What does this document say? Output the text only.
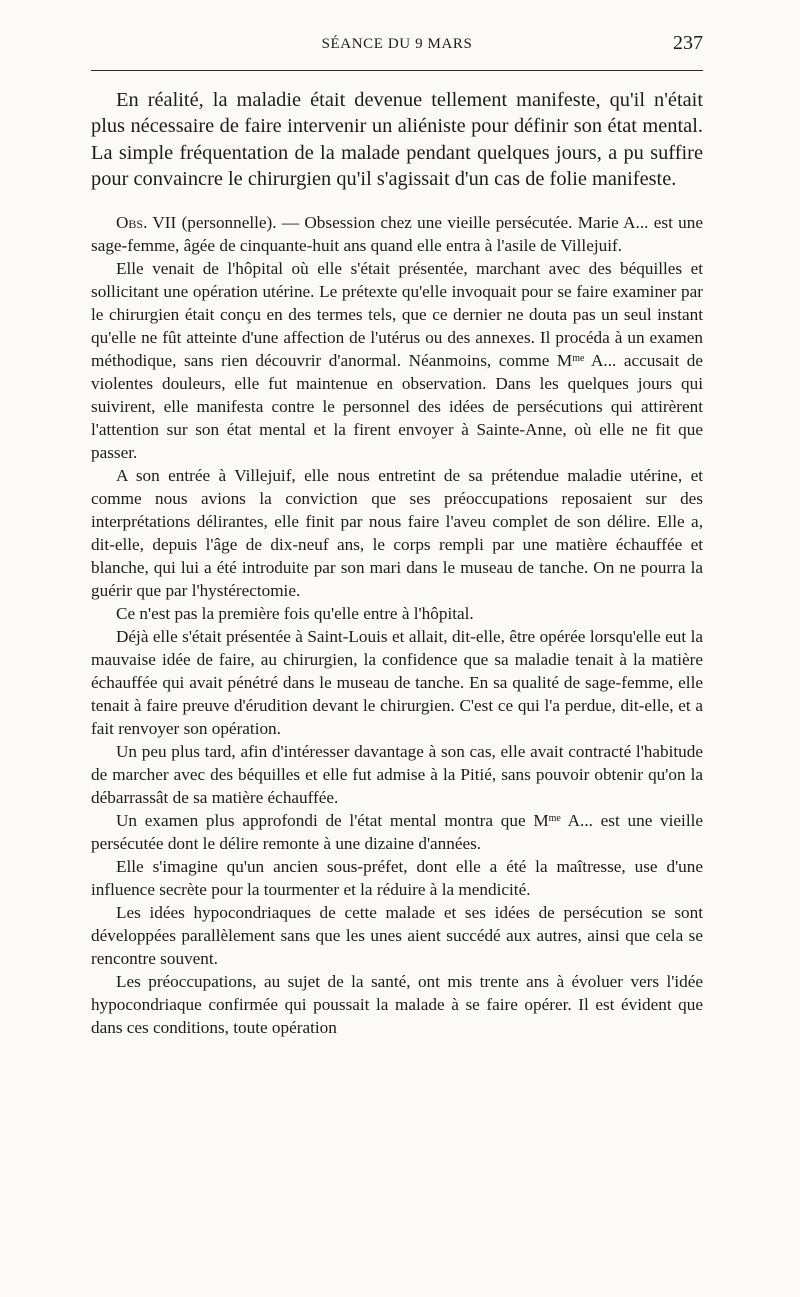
SÉANCE DU 9 MARS	237

En réalité, la maladie était devenue tellement manifeste, qu'il n'était plus nécessaire de faire intervenir un aliéniste pour définir son état mental. La simple fréquentation de la malade pendant quelques jours, a pu suffire pour convaincre le chirurgien qu'il s'agissait d'un cas de folie manifeste.

Obs. VII (personnelle). — Obsession chez une vieille persécutée. Marie A... est une sage-femme, âgée de cinquante-huit ans quand elle entra à l'asile de Villejuif.

Elle venait de l'hôpital où elle s'était présentée, marchant avec des béquilles et sollicitant une opération utérine. Le prétexte qu'elle invoquait pour se faire examiner par le chirurgien était conçu en des termes tels, que ce dernier ne douta pas un seul instant qu'elle ne fût atteinte d'une affection de l'utérus ou des annexes. Il procéda à un examen méthodique, sans rien découvrir d'anormal. Néanmoins, comme $M^{me}$ A... accusait de violentes douleurs, elle fut maintenue en observation. Dans les quelques jours qui suivirent, elle manifesta contre le personnel des idées de persécutions qui attirèrent l'attention sur son état mental et la firent envoyer à Sainte-Anne, où elle ne fit que passer.

A son entrée à Villejuif, elle nous entretint de sa prétendue maladie utérine, et comme nous avions la conviction que ses préoccupations reposaient sur des interprétations délirantes, elle finit par nous faire l'aveu complet de son délire. Elle a, dit-elle, depuis l'âge de dix-neuf ans, le corps rempli par une matière échauffée et blanche, qui lui a été introduite par son mari dans le museau de tanche. On ne pourra la guérir que par l'hystérectomie.

Ce n'est pas la première fois qu'elle entre à l'hôpital.

Déjà elle s'était présentée à Saint-Louis et allait, dit-elle, être opérée lorsqu'elle eut la mauvaise idée de faire, au chirurgien, la confidence que sa maladie tenait à la matière échauffée qui avait pénétré dans le museau de tanche. En sa qualité de sage-femme, elle tenait à faire preuve d'érudition devant le chirurgien. C'est ce qui l'a perdue, dit-elle, et a fait renvoyer son opération.

Un peu plus tard, afin d'intéresser davantage à son cas, elle avait contracté l'habitude de marcher avec des béquilles et elle fut admise à la Pitié, sans pouvoir obtenir qu'on la débarrassât de sa matière échauffée.

Un examen plus approfondi de l'état mental montra que $M^{me}$ A... est une vieille persécutée dont le délire remonte à une dizaine d'années.

Elle s'imagine qu'un ancien sous-préfet, dont elle a été la maîtresse, use d'une influence secrète pour la tourmenter et la réduire à la mendicité.

Les idées hypocondriaques de cette malade et ses idées de persécution se sont développées parallèlement sans que les unes aient succédé aux autres, ainsi que cela se rencontre souvent.

Les préoccupations, au sujet de la santé, ont mis trente ans à évoluer vers l'idée hypocondriaque confirmée qui poussait la malade à se faire opérer. Il est évident que dans ces conditions, toute opération
